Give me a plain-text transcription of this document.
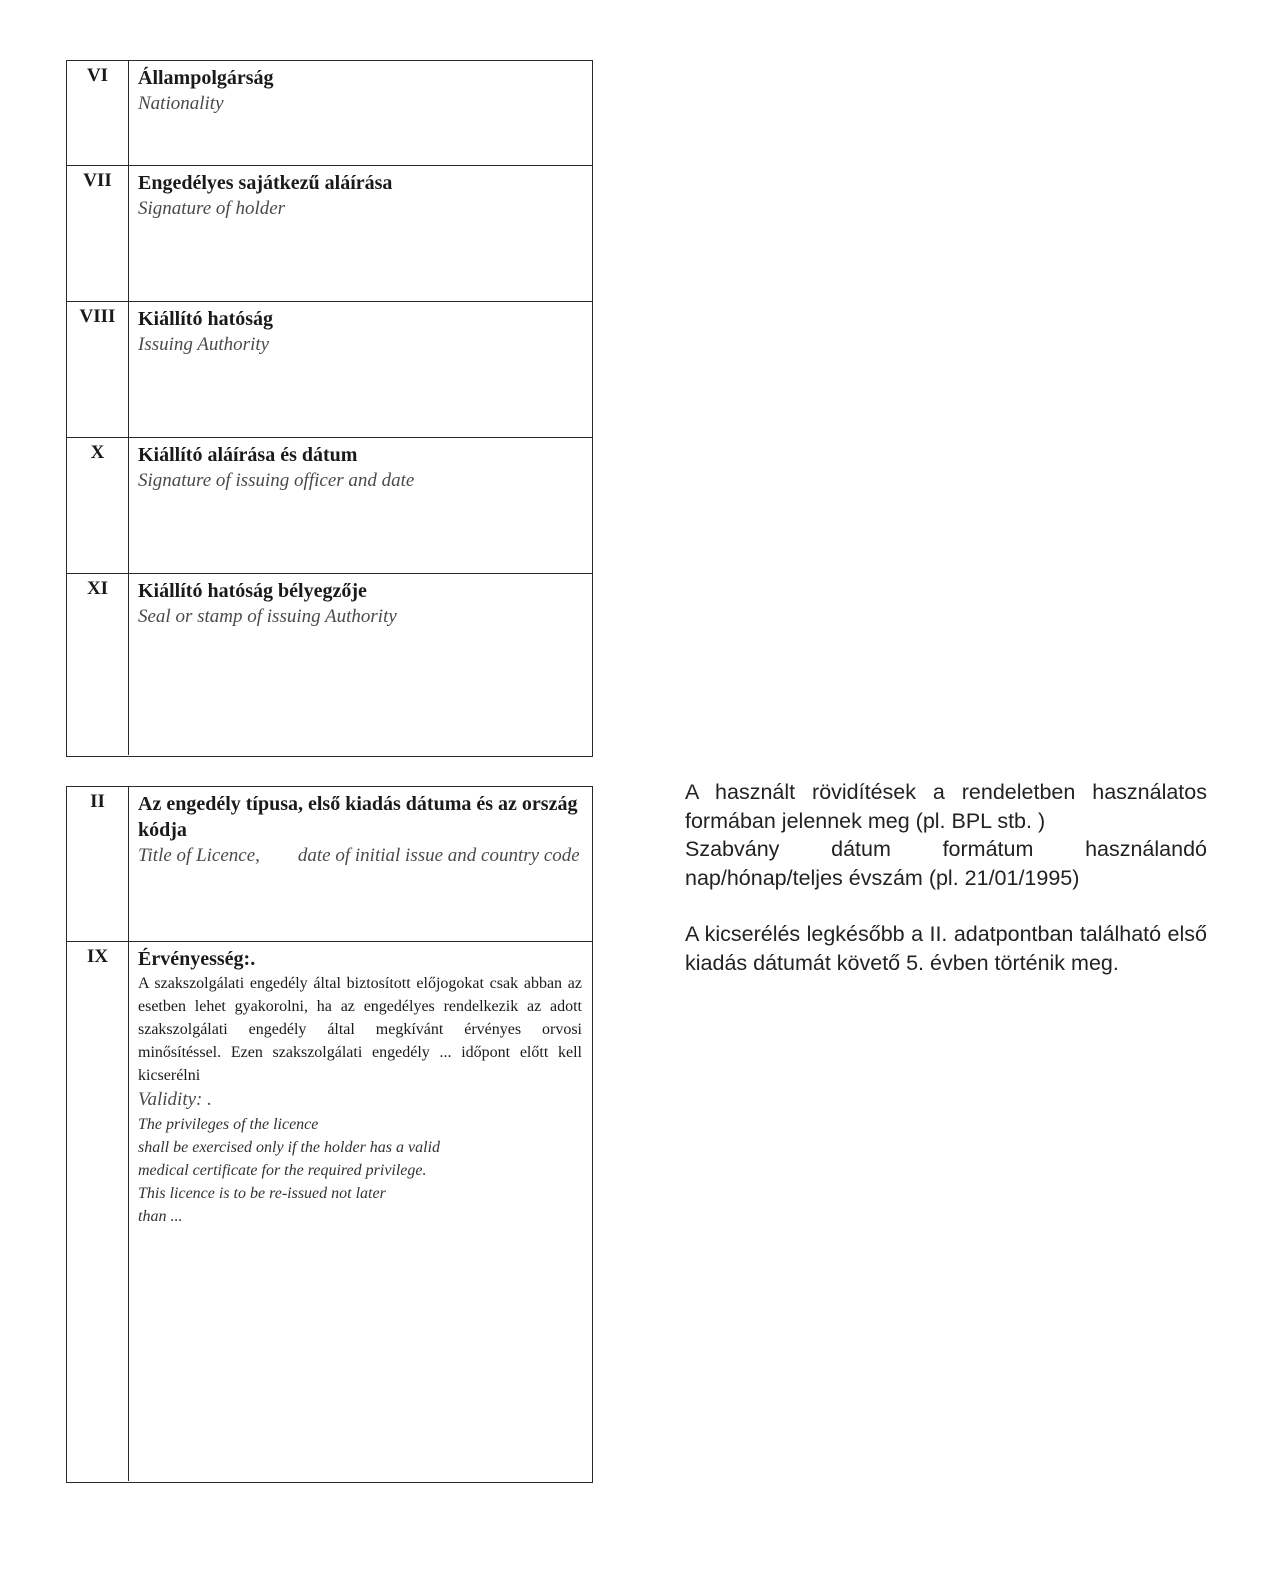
VI	Állampolgárság
Nationality
VII	Engedélyes sajátkezű aláírása
Signature of holder
VIII	Kiállító hatóság
Issuing Authority
X	Kiállító aláírása és dátum
Signature of issuing officer and date
XI	Kiállító hatóság bélyegzője
Seal or stamp of issuing Authority
II	Az engedély típusa, első kiadás dátuma és az ország kódja
Title of Licence, date of initial issue and country code
IX	Érvényesség:.
A szakszolgálati engedély által biztosított előjogokat csak abban az esetben lehet gyakorolni, ha az engedélyes rendelkezik az adott szakszolgálati engedély által megkívánt érvényes orvosi minősítéssel. Ezen szakszolgálati engedély ... időpont előtt kell kicserélni
Validity: .
The privileges of the licence
shall be exercised only if the holder has a valid
medical certificate for the required privilege.
This licence is to be re-issued not later
than ...

A használt rövidítések a rendeletben használatos formában jelennek meg (pl. BPL stb. )

Szabvány dátum formátum használandó nap/hónap/teljes évszám (pl. 21/01/1995)

A kicserélés legkésőbb a II. adatpontban található első kiadás dátumát követő 5. évben történik meg.
